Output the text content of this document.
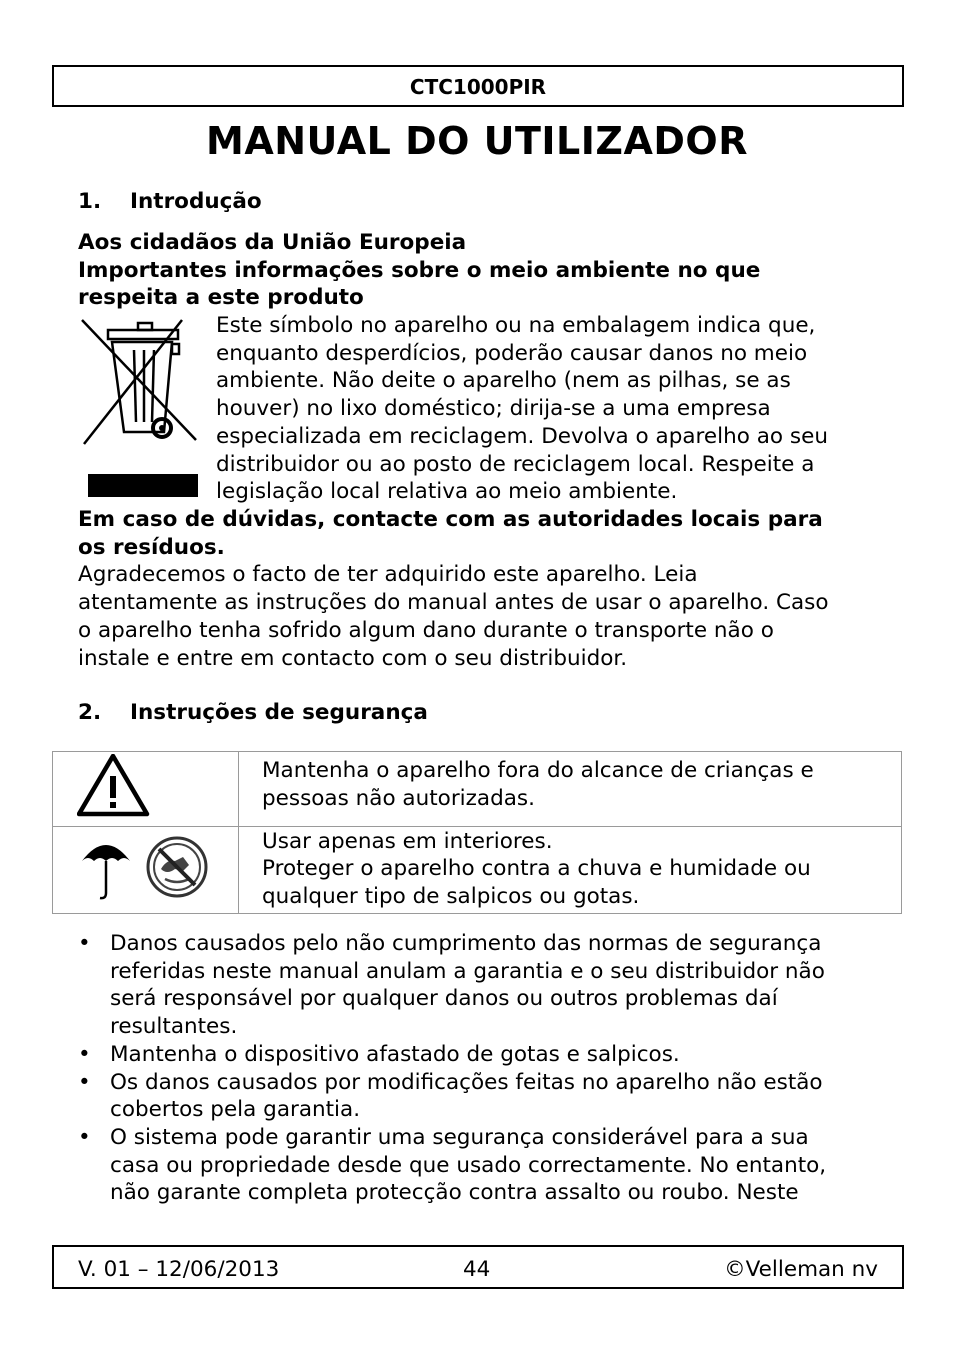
CTC1000PIR
MANUAL DO UTILIZADOR
1. Introdução
Aos cidadãos da União Europeia
Importantes informações sobre o meio ambiente no que
respeita a este produto
Este símbolo no aparelho ou na embalagem indica que,
enquanto desperdícios, poderão causar danos no meio
ambiente. Não deite o aparelho (nem as pilhas, se as
houver) no lixo doméstico; dirija-se a uma empresa
especializada em reciclagem. Devolva o aparelho ao seu
distribuidor ou ao posto de reciclagem local. Respeite a
legislação local relativa ao meio ambiente.
Em caso de dúvidas, contacte com as autoridades locais para
os resíduos.
Agradecemos o facto de ter adquirido este aparelho. Leia
atentamente as instruções do manual antes de usar o aparelho. Caso
o aparelho tenha sofrido algum dano durante o transporte não o
instale e entre em contacto com o seu distribuidor.
2. Instruções de segurança

Mantenha o aparelho fora do alcance de crianças e
pessoas não autorizadas.

Usar apenas em interiores.
Proteger o aparelho contra a chuva e humidade ou
qualquer tipo de salpicos ou gotas.
• Danos causados pelo não cumprimento das normas de segurança
referidas neste manual anulam a garantia e o seu distribuidor não
será responsável por qualquer danos ou outros problemas daí
resultantes.
• Mantenha o dispositivo afastado de gotas e salpicos.
• Os danos causados por modificações feitas no aparelho não estão
cobertos pela garantia.
• O sistema pode garantir uma segurança considerável para a sua
casa ou propriedade desde que usado correctamente. No entanto,
não garante completa protecção contra assalto ou roubo. Neste
V. 01 – 12/06/2013	44	©Velleman nv
